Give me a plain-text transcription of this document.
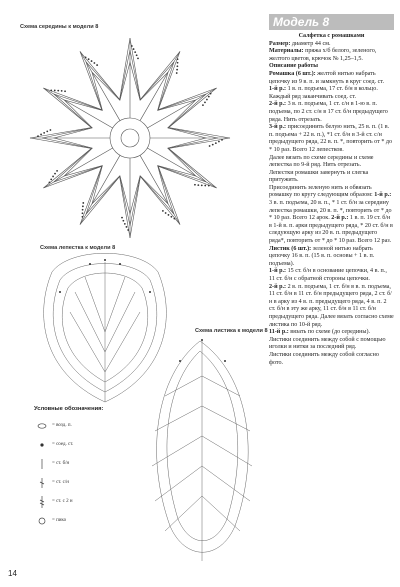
Схема середины к модели 8
Схема лепестка к модели 8
Схема листика к модели 8
Условные обозначения:
= возд. п.
= соед. ст.
= ст. б/н
= ст. с/н
= ст. с 2 н
= пико
14
Модель 8

Салфетка с ромашками

Размер: диаметр 44 см.

Материалы: пряжа х/б белого, зеленого, желтого цветов, крючок № 1,25–1,5.

Описание работы

Ромашка (6 шт.): желтой нитью набрать цепочку из 9 в. п. и замкнуть в круг соед. ст.

1-й р.: 1 в. п. подъема, 17 ст. б/н в кольцо. Каждый ряд заканчивать соед. ст.

2-й р.: 3 в. п. подъема, 1 ст. с/н в 1-ю в. п. подъема, по 2 ст. с/н в 17 ст. б/н предыдущего ряда. Нить отрезать.

3-й р.: присоединить белую нить, 25 в. п. (1 в. п. подъема + 22 в. п.), *1 ст. б/н в 3-й ст. с/н предыдущего ряда, 22 в. п. *, повторить от * до * 10 раз. Всего 12 лепестков.

Далее вязать по схеме середины и схеме лепестка по 9-й ряд. Нить отрезать.

Лепестки ромашки завернуть и слегка притужить.

Присоединить зеленую нить и обвязать ромашку по кругу следующим образом: 1-й р.: 3 в. п. подъема, 20 в. п., * 1 ст. б/н за середину лепестка ромашки, 20 в. п. *, повторить от * до * 10 раз. Всего 12 арок. 2-й р.: 1 в. п. 19 ст. б/н в 1-й в. п. арки предыдущего ряда, * 20 ст. б/н в следующую арку из 20 в. п. предыдущего ряда*, повторить от * до * 10 раз. Всего 12 раз.

Листик (6 шт.): зеленой нитью набрать цепочку 16 в. п. (15 в. п. основы + 1 в. п. подъема).

1-й р.: 15 ст. б/н в основание цепочки, 4 в. п., 11 ст. б/н с обратной стороны цепочки.

2-й р.: 2 в. п. подъема, 1 ст. б/н в в. п. подъема, 11 ст. б/н в 11 ст. б/н предыдущего ряда, 2 ст. б/н в арку из 4 в. п. предыдущего ряда, 4 в. п. 2 ст. б/н в эту же арку, 11 ст. б/н в 11 ст. б/н предыдущего ряда. Далее вязать согласно схеме листика по 10-й ряд.

11-й р.: вязать по схеме (до середины).

Листики соединить между собой с помощью иголки и нитки за последний ряд.

Листики соединить между собой согласно фото.
